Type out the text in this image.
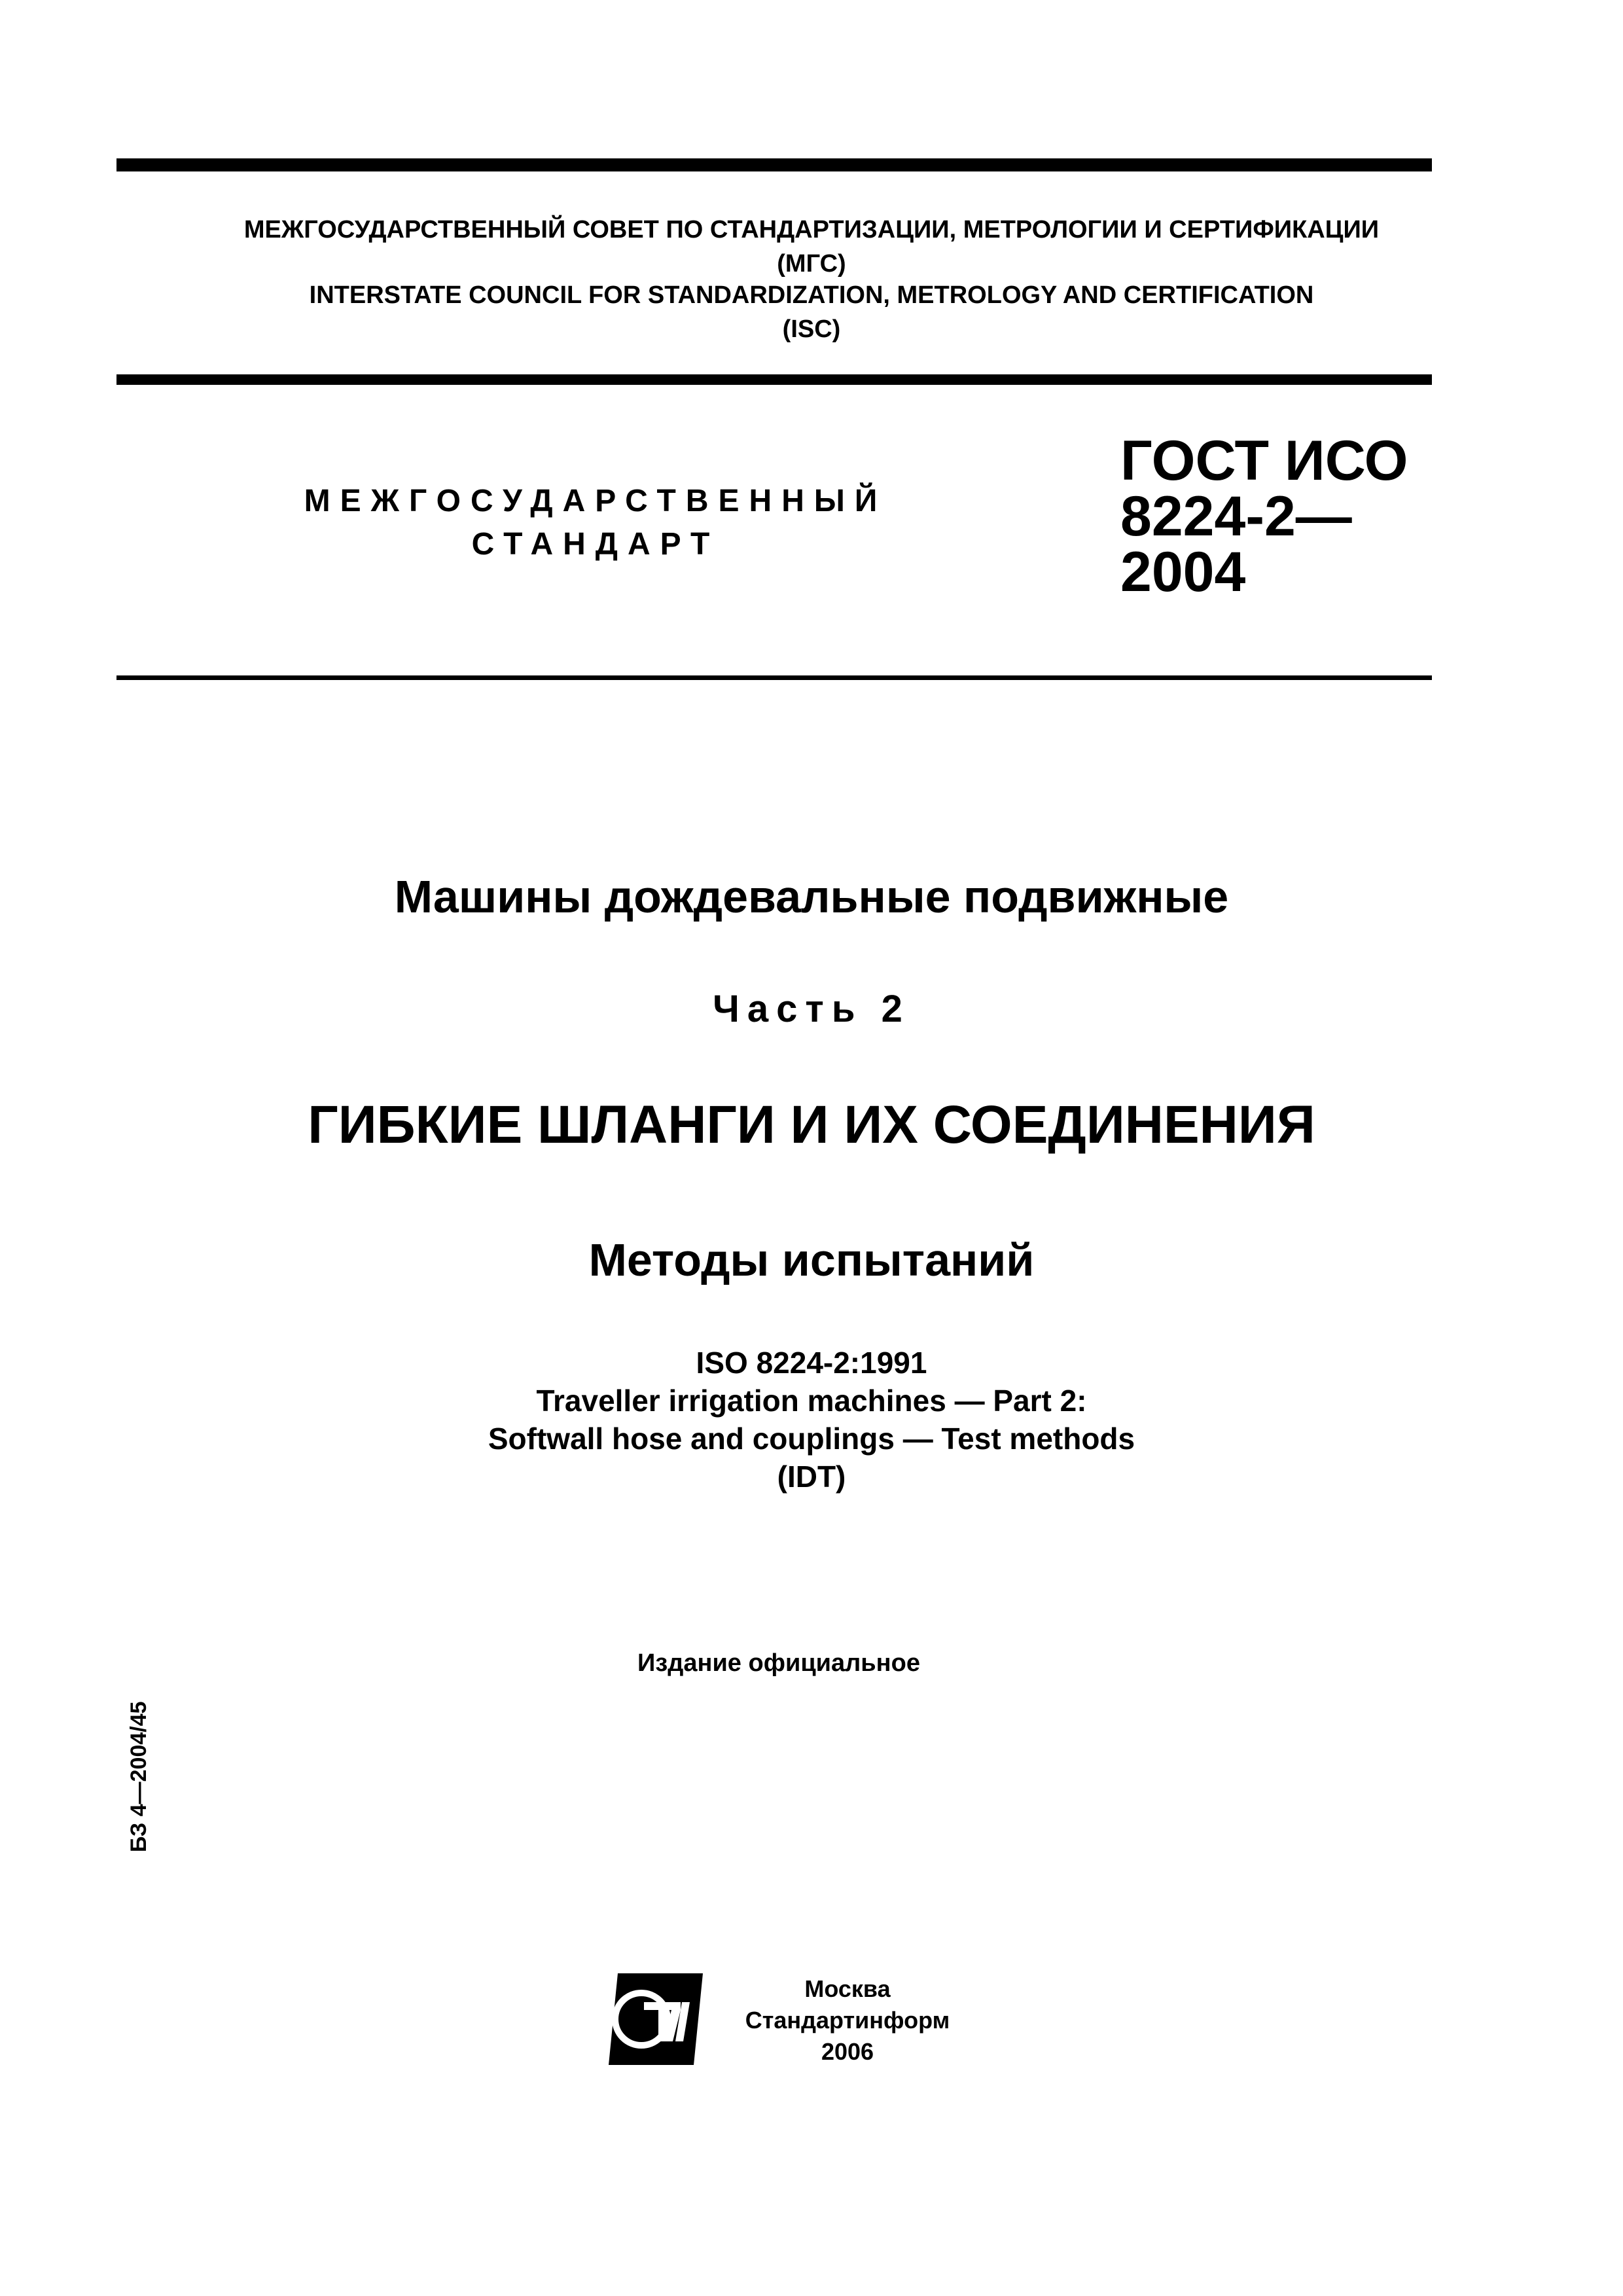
МЕЖГОСУДАРСТВЕННЫЙ СОВЕТ ПО СТАНДАРТИЗАЦИИ, МЕТРОЛОГИИ И СЕРТИФИКАЦИИ
(МГС)
INTERSTATE COUNCIL FOR STANDARDIZATION, METROLOGY AND CERTIFICATION
(ISC)
МЕЖГОСУДАРСТВЕННЫЙ
СТАНДАРТ
ГОСТ ИСО
8224-2—
2004
Машины дождевальные подвижные
Часть 2
ГИБКИЕ ШЛАНГИ И ИХ СОЕДИНЕНИЯ
Методы испытаний
ISO 8224-2:1991
Traveller irrigation machines — Part 2:
Softwall hose and couplings — Test methods
(IDT)
Издание официальное
БЗ 4—2004/45
СТИ
Москва
Стандартинформ
2006
